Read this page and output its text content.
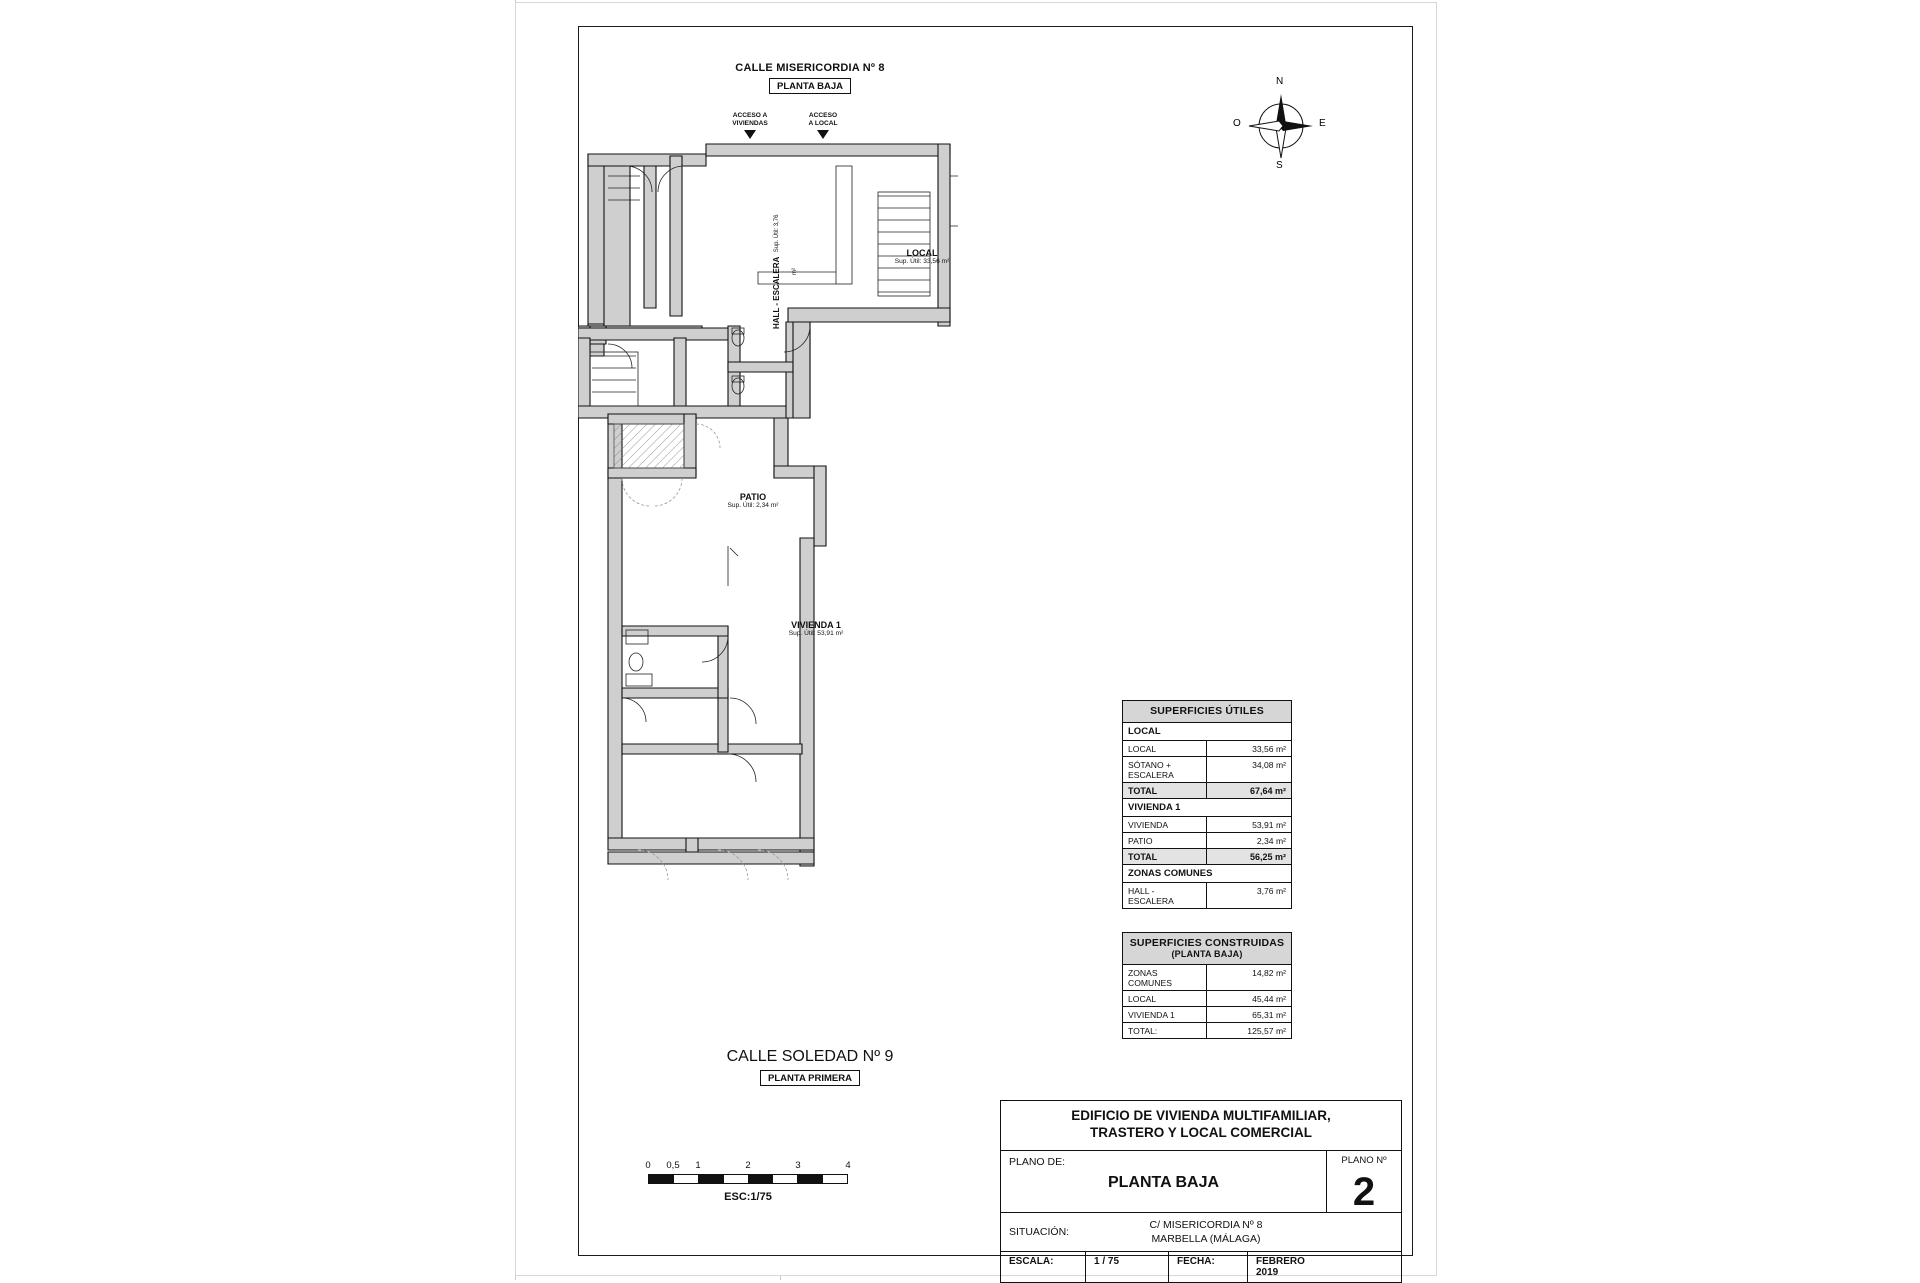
CALLE MISERICORDIA Nº 8
PLANTA BAJA
ACCESO A
VIVIENDAS
ACCESO
A LOCAL
HALL - ESCALERA Sup. Útil: 3,76 m²
LOCAL
Sup. Útil: 33,56 m²
PATIO
Sup. Útil: 2,34 m²
VIVIENDA 1
Sup. Útil: 53,91 m²
CALLE SOLEDAD Nº 9
PLANTA PRIMERA
N
S
E
O
SUPERFICIES ÚTILES
LOCAL
LOCAL	33,56 m²
SÓTANO + ESCALERA
34,08 m²
TOTAL	67,64 m²
VIVIENDA 1
VIVIENDA	53,91 m²
PATIO	2,34 m²
TOTAL	56,25 m²
ZONAS COMUNES
HALL - ESCALERA
3,76 m²
SUPERFICIES CONSTRUIDAS
(PLANTA BAJA)
ZONAS COMUNES
14,82 m²
LOCAL	45,44 m²
VIVIENDA 1	65,31 m²
TOTAL:	125,57 m²
0 0,5 1	2	3	4
ESC:1/75
EDIFICIO DE VIVIENDA MULTIFAMILIAR,
TRASTERO Y LOCAL COMERCIAL
PLANO DE:
PLANTA BAJA
PLANO Nº
2
SITUACIÓN:
C/ MISERICORDIA Nº 8
MARBELLA (MÁLAGA)
ESCALA:	1 / 75	FECHA:	FEBRERO 2019
